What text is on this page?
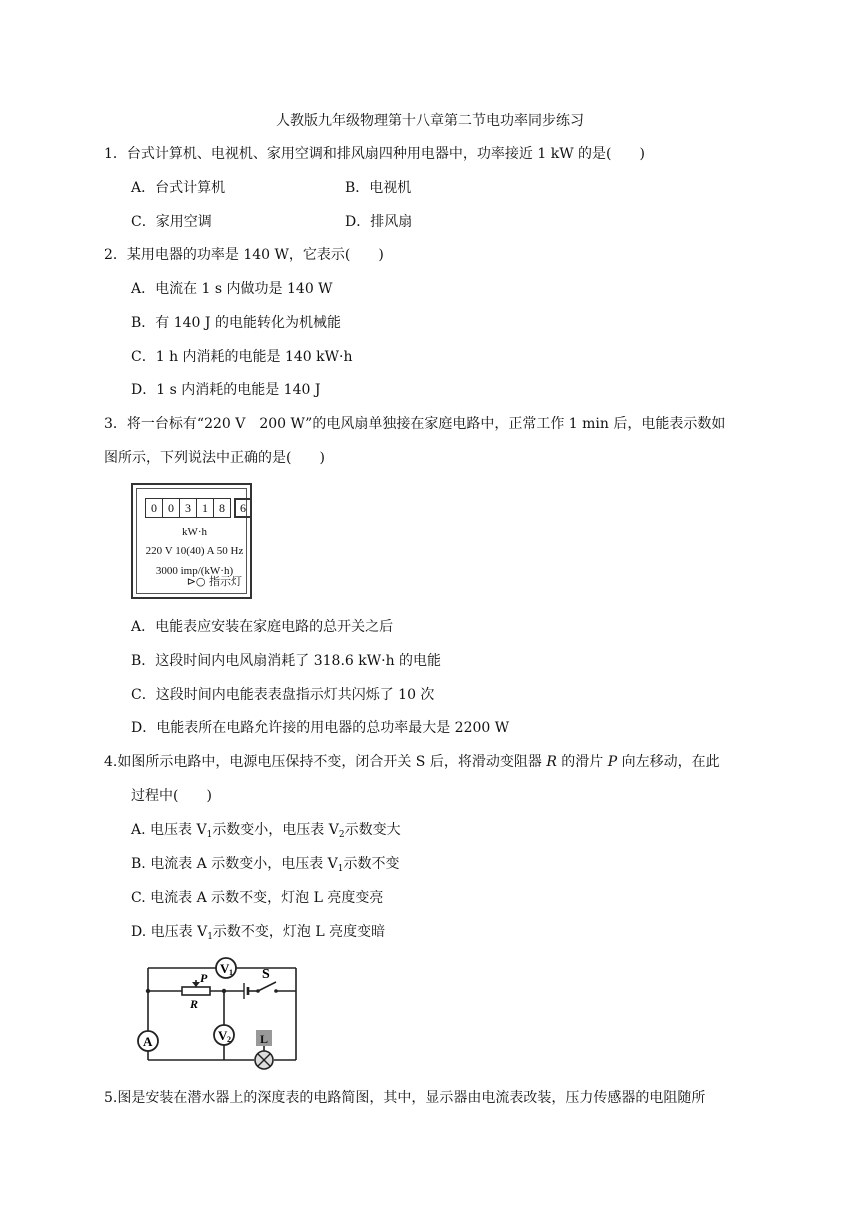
人教版九年级物理第十八章第二节电功率同步练习
1．台式计算机、电视机、家用空调和排风扇四种用电器中，功率接近 1 kW 的是(　　)
A．台式计算机	B．电视机
C．家用空调	D．排风扇
2．某用电器的功率是 140 W，它表示(　　)
A．电流在 1 s 内做功是 140 W
B．有 140 J 的电能转化为机械能
C．1 h 内消耗的电能是 140 kW·h
D．1 s 内消耗的电能是 140 J
3．将一台标有“220 V　200 W”的电风扇单独接在家庭电路中，正常工作 1 min 后，电能表示数如
图所示，下列说法中正确的是(　　)
0 0 3 1 8	6
kW·h
220 V 10(40) A 50 Hz
3000 imp/(kW·h)
⊳○ 指示灯
A．电能表应安装在家庭电路的总开关之后
B．这段时间内电风扇消耗了 318.6 kW·h 的电能
C．这段时间内电能表表盘指示灯共闪烁了 10 次
D．电能表所在电路允许接的用电器的总功率最大是 2200 W
4.如图所示电路中，电源电压保持不变，闭合开关 S 后，将滑动变阻器 R 的滑片 P 向左移动，在此
过程中(　　)
A. 电压表 $V_1$示数变小，电压表 $V_2$示数变大
B. 电流表 A 示数变小，电压表 $V_1$示数不变
C. 电流表 A 示数不变，灯泡 L 亮度变亮
D. 电压表 $V_1$示数不变，灯泡 L 亮度变暗
V 1
V 2
A	L
P
R
S
5.图是安装在潜水器上的深度表的电路简图，其中，显示器由电流表改装，压力传感器的电阻随所
